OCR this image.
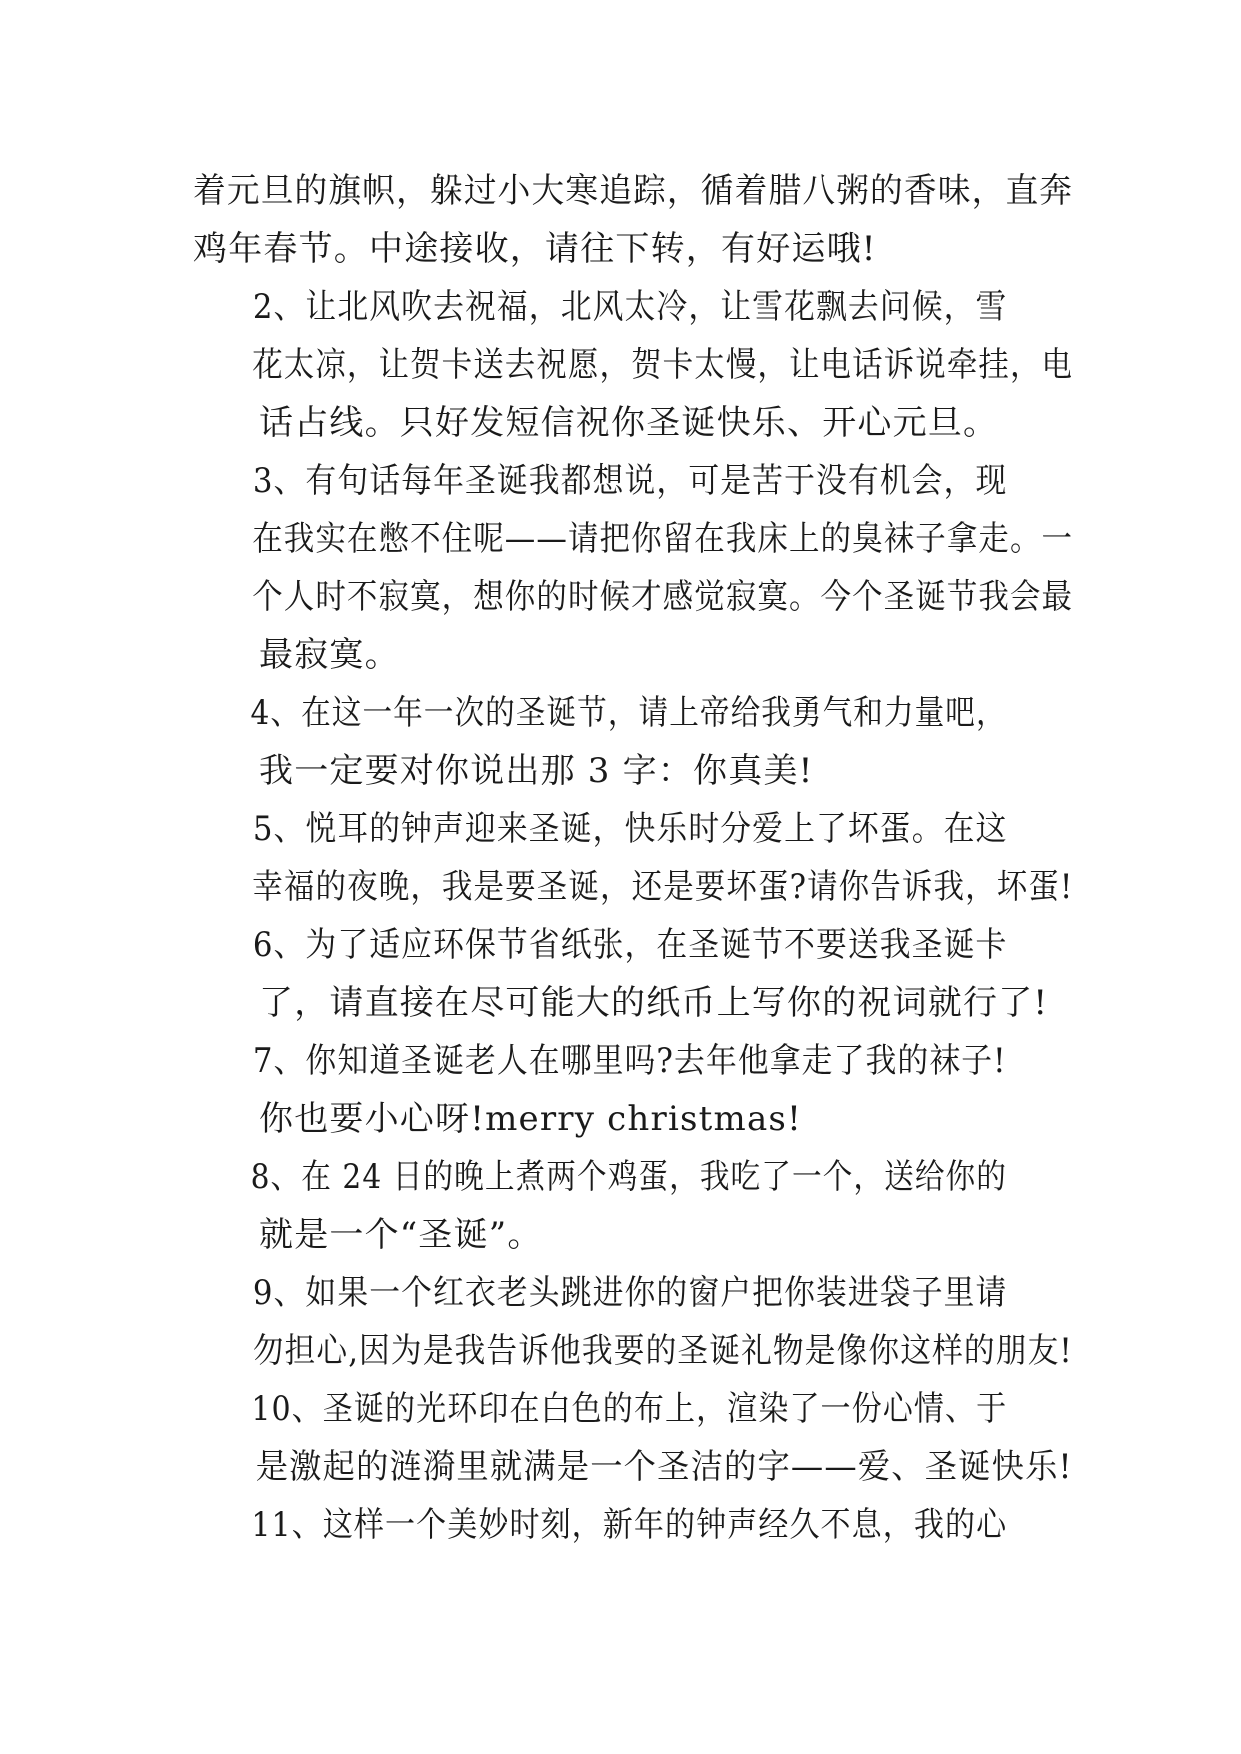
着元旦的旗帜，躲过小大寒追踪，循着腊八粥的香味，直奔
鸡年春节。中途接收，请往下转，有好运哦!

2、让北风吹去祝福，北风太冷，让雪花飘去问候，雪
花太凉，让贺卡送去祝愿，贺卡太慢，让电话诉说牵挂，电
话占线。只好发短信祝你圣诞快乐、开心元旦。

3、有句话每年圣诞我都想说，可是苦于没有机会，现
在我实在憋不住呢——请把你留在我床上的臭袜子拿走。一
个人时不寂寞，想你的时候才感觉寂寞。今个圣诞节我会最
最寂寞。

4、在这一年一次的圣诞节，请上帝给我勇气和力量吧，
我一定要对你说出那 3 字：你真美!

5、悦耳的钟声迎来圣诞，快乐时分爱上了坏蛋。在这
幸福的夜晚，我是要圣诞，还是要坏蛋?请你告诉我，坏蛋!

6、为了适应环保节省纸张，在圣诞节不要送我圣诞卡
了，请直接在尽可能大的纸币上写你的祝词就行了!

7、你知道圣诞老人在哪里吗?去年他拿走了我的袜子!
你也要小心呀!merry christmas!

8、在 24 日的晚上煮两个鸡蛋，我吃了一个，送给你的
就是一个“圣诞”。

9、如果一个红衣老头跳进你的窗户把你装进袋子里请
勿担心,因为是我告诉他我要的圣诞礼物是像你这样的朋友!

10、圣诞的光环印在白色的布上，渲染了一份心情、于
是激起的涟漪里就满是一个圣洁的字——爱、圣诞快乐!

11、这样一个美妙时刻，新年的钟声经久不息，我的心
